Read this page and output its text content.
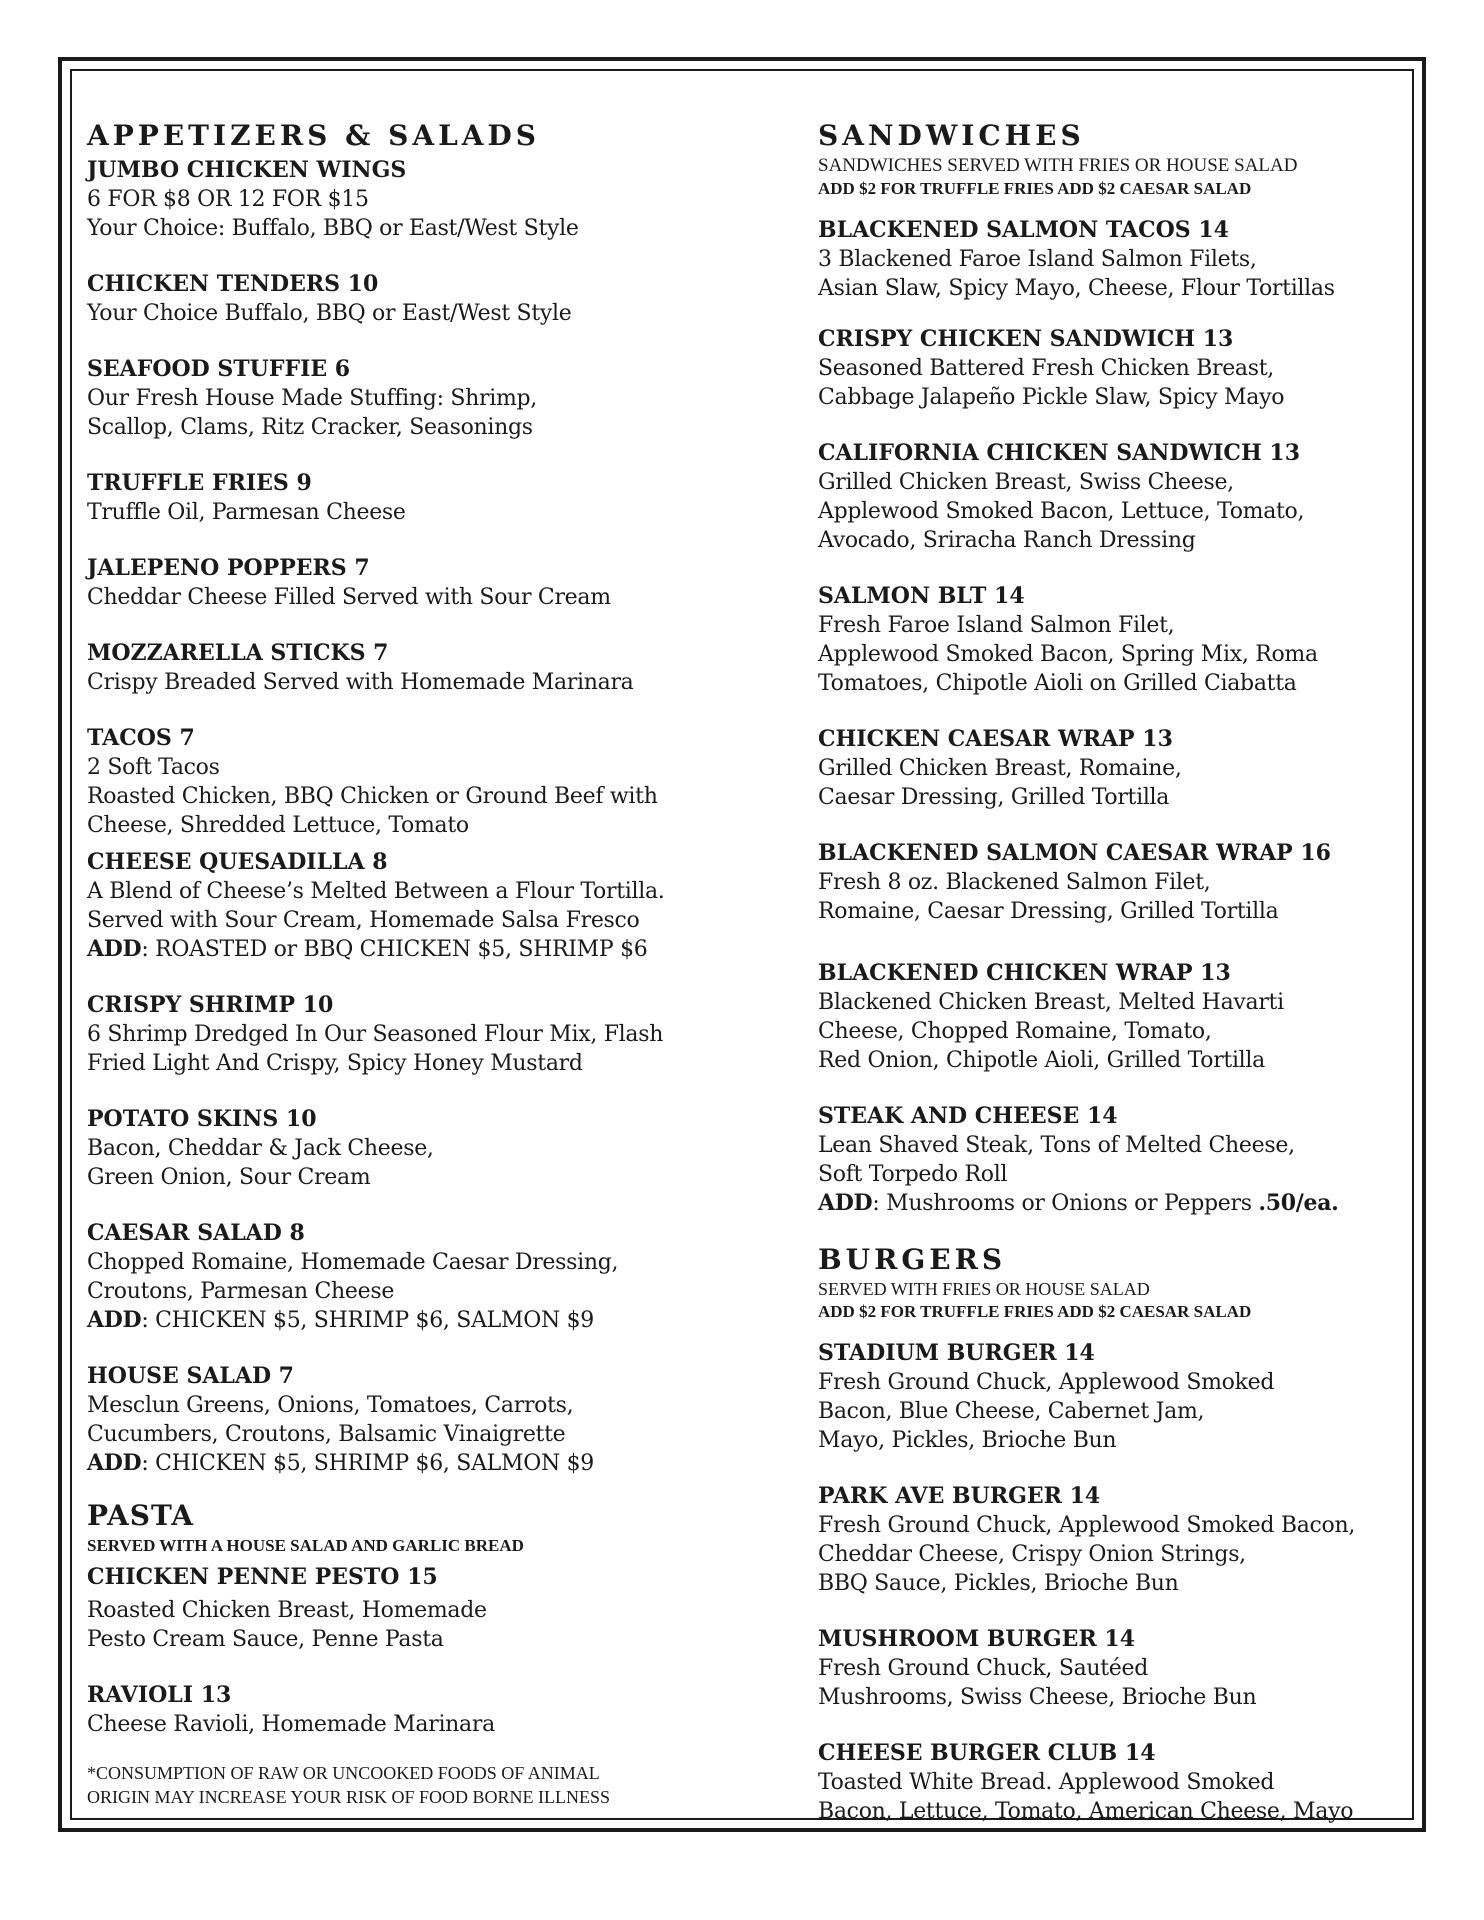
APPETIZERS & SALADS

JUMBO CHICKEN WINGS

6 FOR $8 OR 12 FOR $15

Your Choice: Buffalo, BBQ or East/West Style

CHICKEN TENDERS 10

Your Choice Buffalo, BBQ or East/West Style

SEAFOOD STUFFIE 6

Our Fresh House Made Stuffing: Shrimp,

Scallop, Clams, Ritz Cracker, Seasonings

TRUFFLE FRIES 9

Truffle Oil, Parmesan Cheese

JALEPENO POPPERS 7

Cheddar Cheese Filled Served with Sour Cream

MOZZARELLA STICKS 7

Crispy Breaded Served with Homemade Marinara

TACOS 7

2 Soft Tacos

Roasted Chicken, BBQ Chicken or Ground Beef with

Cheese, Shredded Lettuce, Tomato

CHEESE QUESADILLA 8

A Blend of Cheese’s Melted Between a Flour Tortilla.

Served with Sour Cream, Homemade Salsa Fresco

ADD: ROASTED or BBQ CHICKEN $5, SHRIMP $6

CRISPY SHRIMP 10

6 Shrimp Dredged In Our Seasoned Flour Mix, Flash

Fried Light And Crispy, Spicy Honey Mustard

POTATO SKINS 10

Bacon, Cheddar & Jack Cheese,

Green Onion, Sour Cream

CAESAR SALAD 8

Chopped Romaine, Homemade Caesar Dressing,

Croutons, Parmesan Cheese

ADD: CHICKEN $5, SHRIMP $6, SALMON $9

HOUSE SALAD 7

Mesclun Greens, Onions, Tomatoes, Carrots,

Cucumbers, Croutons, Balsamic Vinaigrette

ADD: CHICKEN $5, SHRIMP $6, SALMON $9

PASTA

SERVED WITH A HOUSE SALAD AND GARLIC BREAD

CHICKEN PENNE PESTO 15

Roasted Chicken Breast, Homemade

Pesto Cream Sauce, Penne Pasta

RAVIOLI 13

Cheese Ravioli, Homemade Marinara

*CONSUMPTION OF RAW OR UNCOOKED FOODS OF ANIMAL

ORIGIN MAY INCREASE YOUR RISK OF FOOD BORNE ILLNESS

SANDWICHES

SANDWICHES SERVED WITH FRIES OR HOUSE SALAD

ADD $2 FOR TRUFFLE FRIES ADD $2 CAESAR SALAD

BLACKENED SALMON TACOS 14

3 Blackened Faroe Island Salmon Filets,

Asian Slaw, Spicy Mayo, Cheese, Flour Tortillas

CRISPY CHICKEN SANDWICH 13

Seasoned Battered Fresh Chicken Breast,

Cabbage Jalapeño Pickle Slaw, Spicy Mayo

CALIFORNIA CHICKEN SANDWICH 13

Grilled Chicken Breast, Swiss Cheese,

Applewood Smoked Bacon, Lettuce, Tomato,

Avocado, Sriracha Ranch Dressing

SALMON BLT 14

Fresh Faroe Island Salmon Filet,

Applewood Smoked Bacon, Spring Mix, Roma

Tomatoes, Chipotle Aioli on Grilled Ciabatta

CHICKEN CAESAR WRAP 13

Grilled Chicken Breast, Romaine,

Caesar Dressing, Grilled Tortilla

BLACKENED SALMON CAESAR WRAP 16

Fresh 8 oz. Blackened Salmon Filet,

Romaine, Caesar Dressing, Grilled Tortilla

BLACKENED CHICKEN WRAP 13

Blackened Chicken Breast, Melted Havarti

Cheese, Chopped Romaine, Tomato,

Red Onion, Chipotle Aioli, Grilled Tortilla

STEAK AND CHEESE 14

Lean Shaved Steak, Tons of Melted Cheese,

Soft Torpedo Roll

ADD: Mushrooms or Onions or Peppers .50/ea.

BURGERS

SERVED WITH FRIES OR HOUSE SALAD

ADD $2 FOR TRUFFLE FRIES ADD $2 CAESAR SALAD

STADIUM BURGER 14

Fresh Ground Chuck, Applewood Smoked

Bacon, Blue Cheese, Cabernet Jam,

Mayo, Pickles, Brioche Bun

PARK AVE BURGER 14

Fresh Ground Chuck, Applewood Smoked Bacon,

Cheddar Cheese, Crispy Onion Strings,

BBQ Sauce, Pickles, Brioche Bun

MUSHROOM BURGER 14

Fresh Ground Chuck, Sautéed

Mushrooms, Swiss Cheese, Brioche Bun

CHEESE BURGER CLUB 14

Toasted White Bread. Applewood Smoked

Bacon, Lettuce, Tomato, American Cheese, Mayo
